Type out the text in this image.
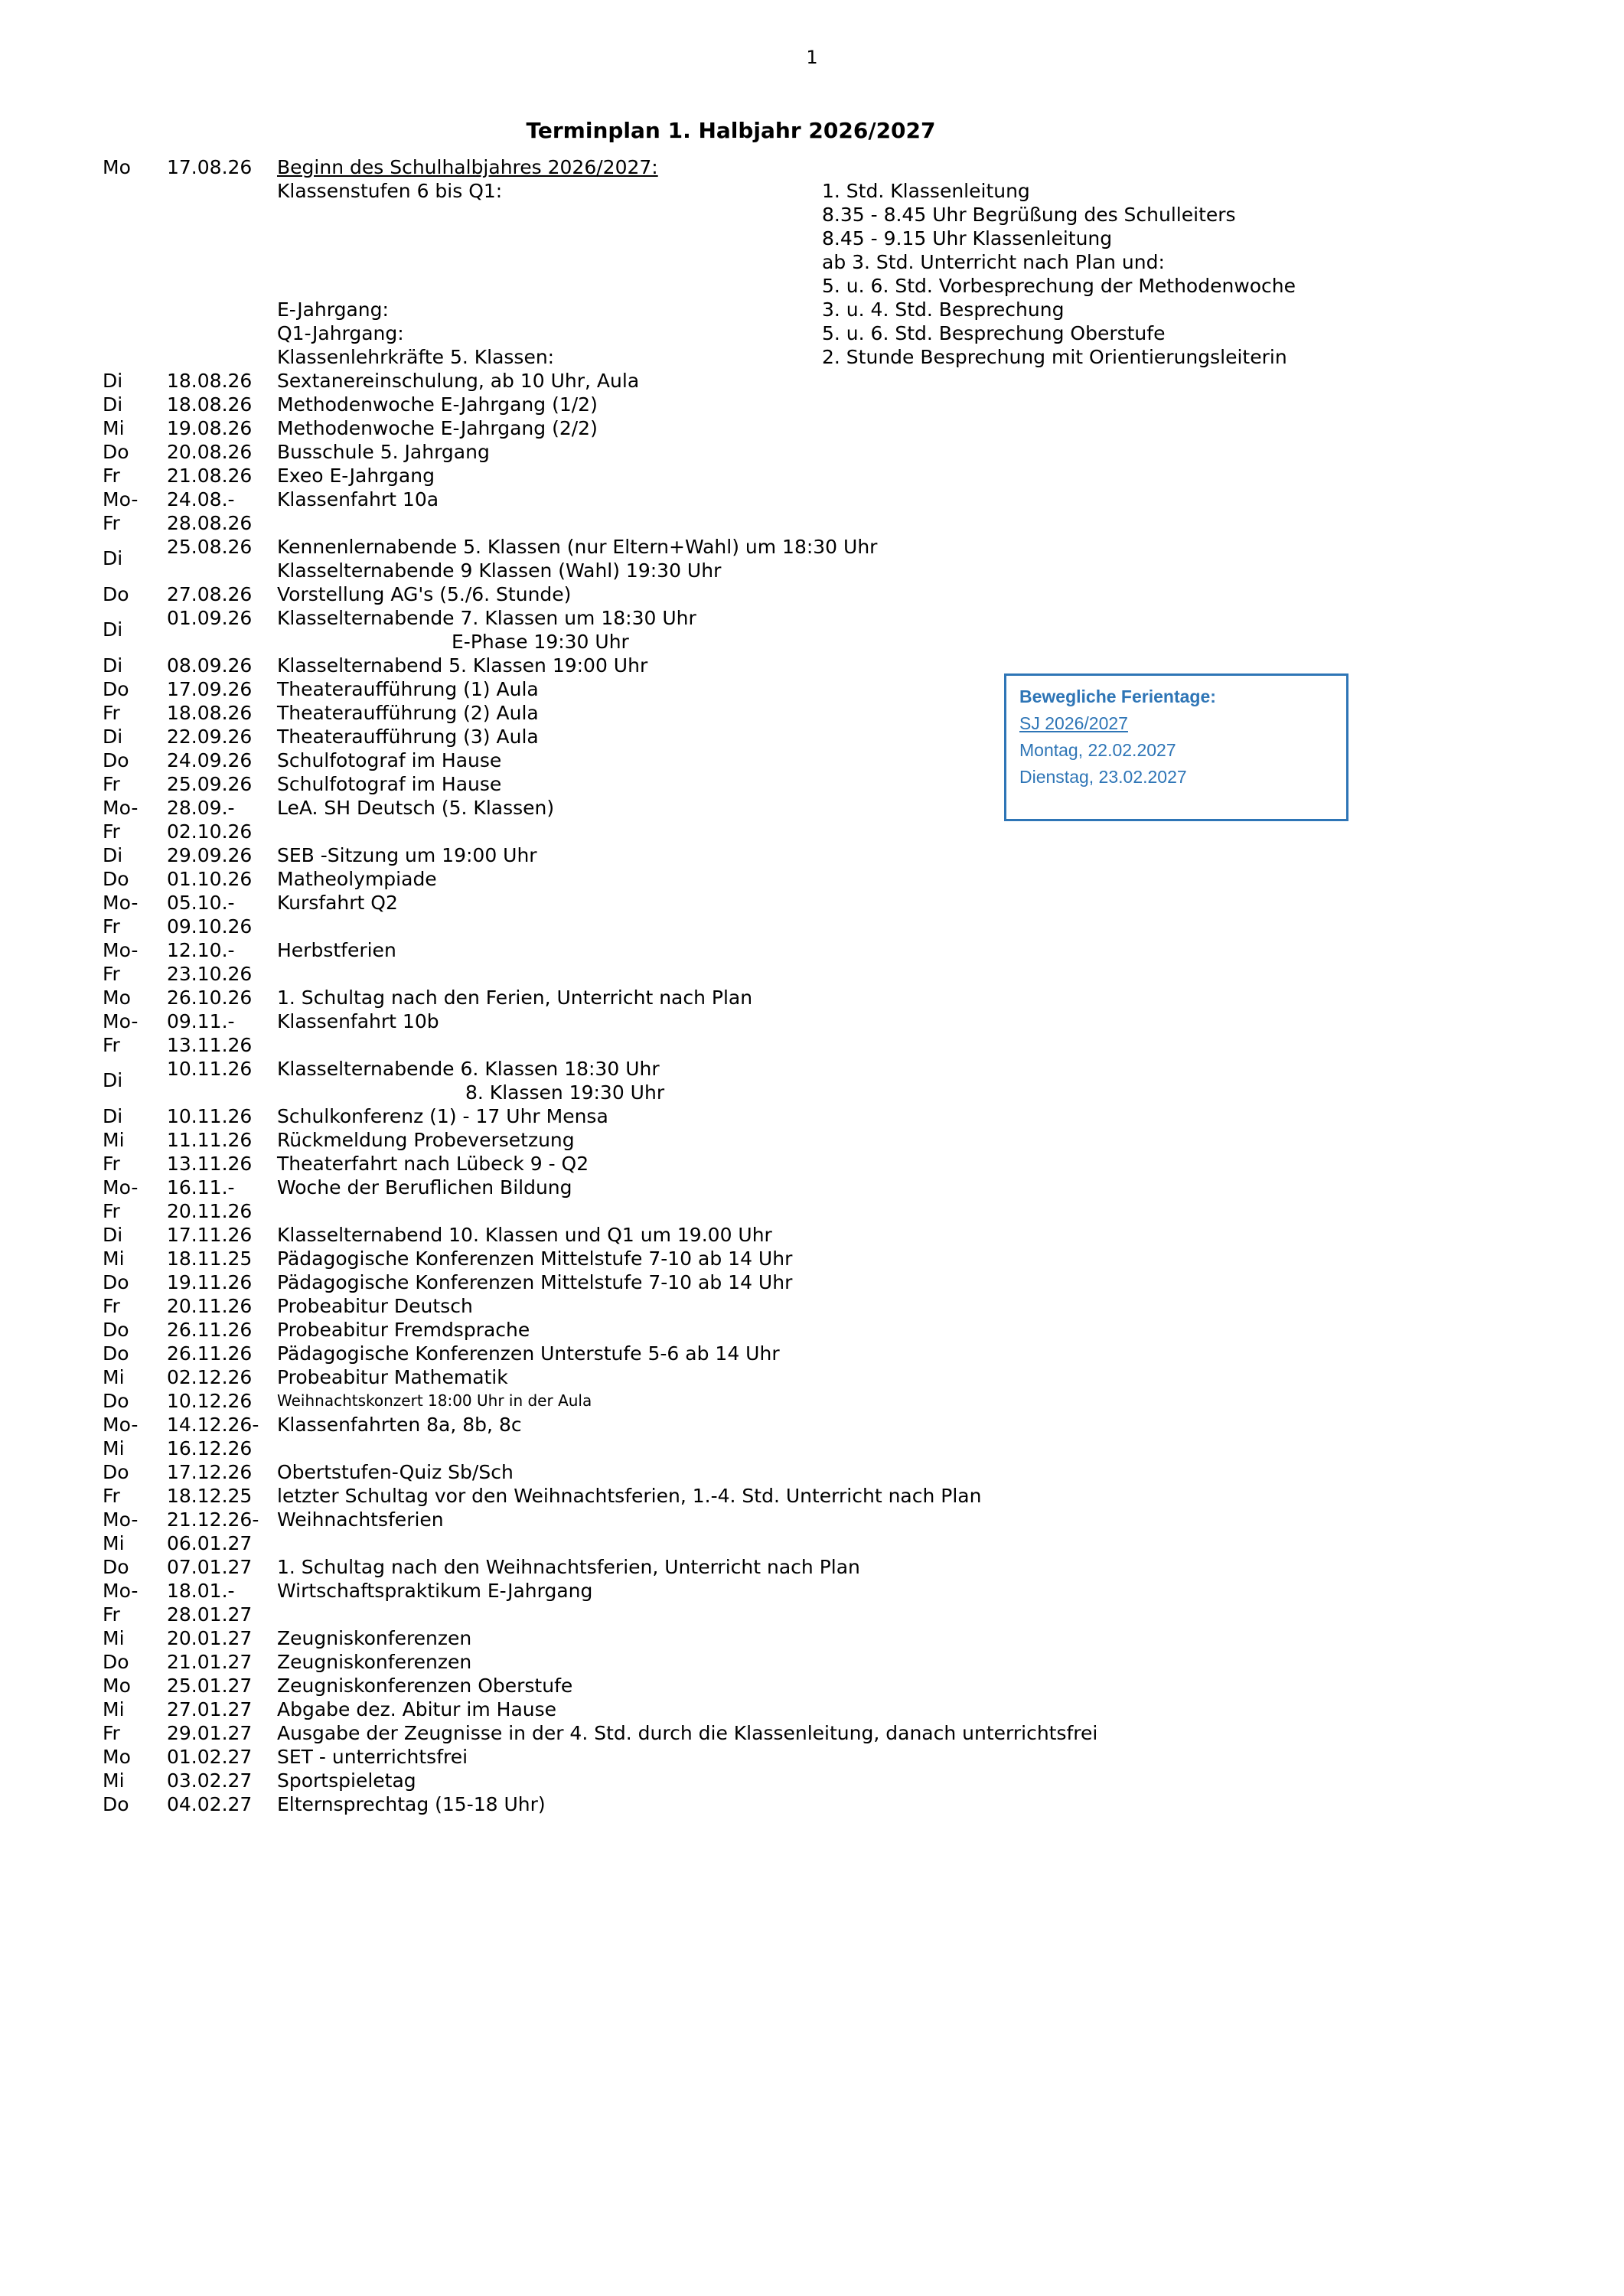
1
Terminplan 1. Halbjahr 2026/2027
Mo 17.08.26 Beginn des Schulhalbjahres 2026/2027:
Klassenstufen 6 bis Q1:	1. Std. Klassenleitung
8.35 - 8.45 Uhr Begrüßung des Schulleiters
8.45 - 9.15 Uhr Klassenleitung
ab 3. Std. Unterricht nach Plan und:
5. u. 6. Std. Vorbesprechung der Methodenwoche
E-Jahrgang:	3. u. 4. Std. Besprechung
Q1-Jahrgang:	5. u. 6. Std. Besprechung Oberstufe
Klassenlehrkräfte 5. Klassen:	2. Stunde Besprechung mit Orientierungsleiterin
Di 18.08.26 Sextanereinschulung, ab 10 Uhr, Aula
Di 18.08.26 Methodenwoche E-Jahrgang (1/2)
Mi 19.08.26 Methodenwoche E-Jahrgang (2/2)
Do 20.08.26 Busschule 5. Jahrgang
Fr 21.08.26 Exeo E-Jahrgang
Mo- 24.08.- Klassenfahrt 10a
Fr 28.08.26
Di
25.08.26 Kennenlernabende 5. Klassen (nur Eltern+Wahl) um 18:30 Uhr
Klasselternabende 9 Klassen (Wahl) 19:30 Uhr
Do 27.08.26 Vorstellung AG's (5./6. Stunde)
Di
01.09.26 Klasselternabende 7. Klassen um 18:30 Uhr
E-Phase 19:30 Uhr
Di 08.09.26 Klasselternabend 5. Klassen 19:00 Uhr
Do 17.09.26 Theateraufführung (1) Aula
Fr 18.08.26 Theateraufführung (2) Aula
Di 22.09.26 Theateraufführung (3) Aula
Do 24.09.26 Schulfotograf im Hause
Fr 25.09.26 Schulfotograf im Hause
Mo- 28.09.- LeA. SH Deutsch (5. Klassen)
Fr 02.10.26
Di 29.09.26 SEB -Sitzung um 19:00 Uhr
Do 01.10.26 Matheolympiade
Mo- 05.10.- Kursfahrt Q2
Fr 09.10.26
Mo- 12.10.- Herbstferien
Fr 23.10.26
Mo 26.10.26 1. Schultag nach den Ferien, Unterricht nach Plan
Mo- 09.11.- Klassenfahrt 10b
Fr 13.11.26
Di
10.11.26 Klasselternabende 6. Klassen 18:30 Uhr
8. Klassen 19:30 Uhr
Di 10.11.26 Schulkonferenz (1) - 17 Uhr Mensa
Mi 11.11.26 Rückmeldung Probeversetzung
Fr 13.11.26 Theaterfahrt nach Lübeck 9 - Q2
Mo- 16.11.- Woche der Beruflichen Bildung
Fr 20.11.26
Di 17.11.26 Klasselternabend 10. Klassen und Q1 um 19.00 Uhr
Mi 18.11.25 Pädagogische Konferenzen Mittelstufe 7-10 ab 14 Uhr
Do 19.11.26 Pädagogische Konferenzen Mittelstufe 7-10 ab 14 Uhr
Fr 20.11.26 Probeabitur Deutsch
Do 26.11.26 Probeabitur Fremdsprache
Do 26.11.26 Pädagogische Konferenzen Unterstufe 5-6 ab 14 Uhr
Mi 02.12.26 Probeabitur Mathematik
Do 10.12.26 Weihnachtskonzert 18:00 Uhr in der Aula
Mo- 14.12.26- Klassenfahrten 8a, 8b, 8c
Mi 16.12.26
Do 17.12.26 Obertstufen-Quiz Sb/Sch
Fr 18.12.25 letzter Schultag vor den Weihnachtsferien, 1.-4. Std. Unterricht nach Plan
Mo- 21.12.26- Weihnachtsferien
Mi 06.01.27
Do 07.01.27 1. Schultag nach den Weihnachtsferien, Unterricht nach Plan
Mo- 18.01.- Wirtschaftspraktikum E-Jahrgang
Fr 28.01.27
Mi 20.01.27 Zeugniskonferenzen
Do 21.01.27 Zeugniskonferenzen
Mo 25.01.27 Zeugniskonferenzen Oberstufe
Mi 27.01.27 Abgabe dez. Abitur im Hause
Fr 29.01.27 Ausgabe der Zeugnisse in der 4. Std. durch die Klassenleitung, danach unterrichtsfrei
Mo 01.02.27 SET - unterrichtsfrei
Mi 03.02.27 Sportspieletag
Do 04.02.27 Elternsprechtag (15-18 Uhr)
Bewegliche Ferientage:
SJ 2026/2027
Montag, 22.02.2027
Dienstag, 23.02.2027
